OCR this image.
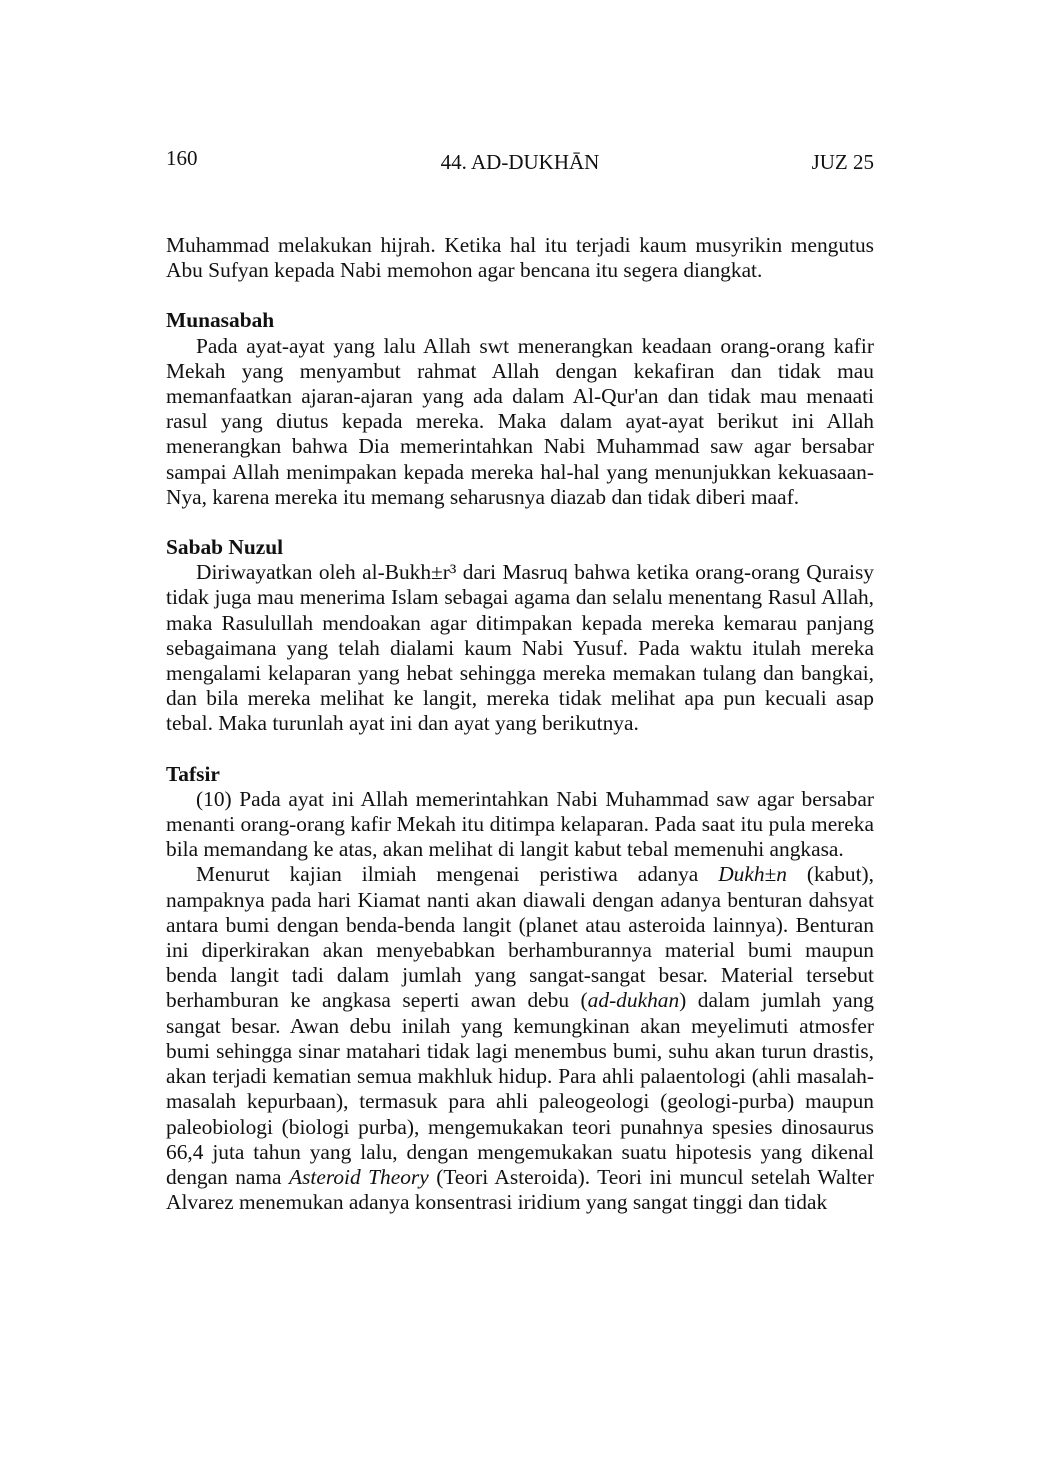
160	44. AD-DUKHĀN	JUZ 25

Muhammad melakukan hijrah. Ketika hal itu terjadi kaum musyrikin mengutus Abu Sufyan kepada Nabi memohon agar bencana itu segera diangkat.

Munasabah

Pada ayat-ayat yang lalu Allah swt menerangkan keadaan orang-orang kafir Mekah yang menyambut rahmat Allah dengan kekafiran dan tidak mau memanfaatkan ajaran-ajaran yang ada dalam Al-Qur'an dan tidak mau menaati rasul yang diutus kepada mereka. Maka dalam ayat-ayat berikut ini Allah menerangkan bahwa Dia memerintahkan Nabi Muhammad saw agar bersabar sampai Allah menimpakan kepada mereka hal-hal yang menunjukkan kekuasaan-Nya, karena mereka itu memang seharusnya diazab dan tidak diberi maaf.

Sabab Nuzul

Diriwayatkan oleh al-Bukh±r³ dari Masruq bahwa ketika orang-orang Quraisy tidak juga mau menerima Islam sebagai agama dan selalu menentang Rasul Allah, maka Rasulullah mendoakan agar ditimpakan kepada mereka kemarau panjang sebagaimana yang telah dialami kaum Nabi Yusuf. Pada waktu itulah mereka mengalami kelaparan yang hebat sehingga mereka memakan tulang dan bangkai, dan bila mereka melihat ke langit, mereka tidak melihat apa pun kecuali asap tebal. Maka turunlah ayat ini dan ayat yang berikutnya.

Tafsir

(10) Pada ayat ini Allah memerintahkan Nabi Muhammad saw agar bersabar menanti orang-orang kafir Mekah itu ditimpa kelaparan. Pada saat itu pula mereka bila memandang ke atas, akan melihat di langit kabut tebal memenuhi angkasa.

Menurut kajian ilmiah mengenai peristiwa adanya Dukh±n (kabut), nampaknya pada hari Kiamat nanti akan diawali dengan adanya benturan dahsyat antara bumi dengan benda-benda langit (planet atau asteroida lainnya). Benturan ini diperkirakan akan menyebabkan berhamburannya material bumi maupun benda langit tadi dalam jumlah yang sangat-sangat besar. Material tersebut berhamburan ke angkasa seperti awan debu (ad-dukhan) dalam jumlah yang sangat besar. Awan debu inilah yang kemungkinan akan meyelimuti atmosfer bumi sehingga sinar matahari tidak lagi menembus bumi, suhu akan turun drastis, akan terjadi kematian semua makhluk hidup. Para ahli palaentologi (ahli masalah-masalah kepurbaan), termasuk para ahli paleogeologi (geologi-purba) maupun paleobiologi (biologi purba), mengemukakan teori punahnya spesies dinosaurus 66,4 juta tahun yang lalu, dengan mengemukakan suatu hipotesis yang dikenal dengan nama Asteroid Theory (Teori Asteroida). Teori ini muncul setelah Walter Alvarez menemukan adanya konsentrasi iridium yang sangat tinggi dan tidak
